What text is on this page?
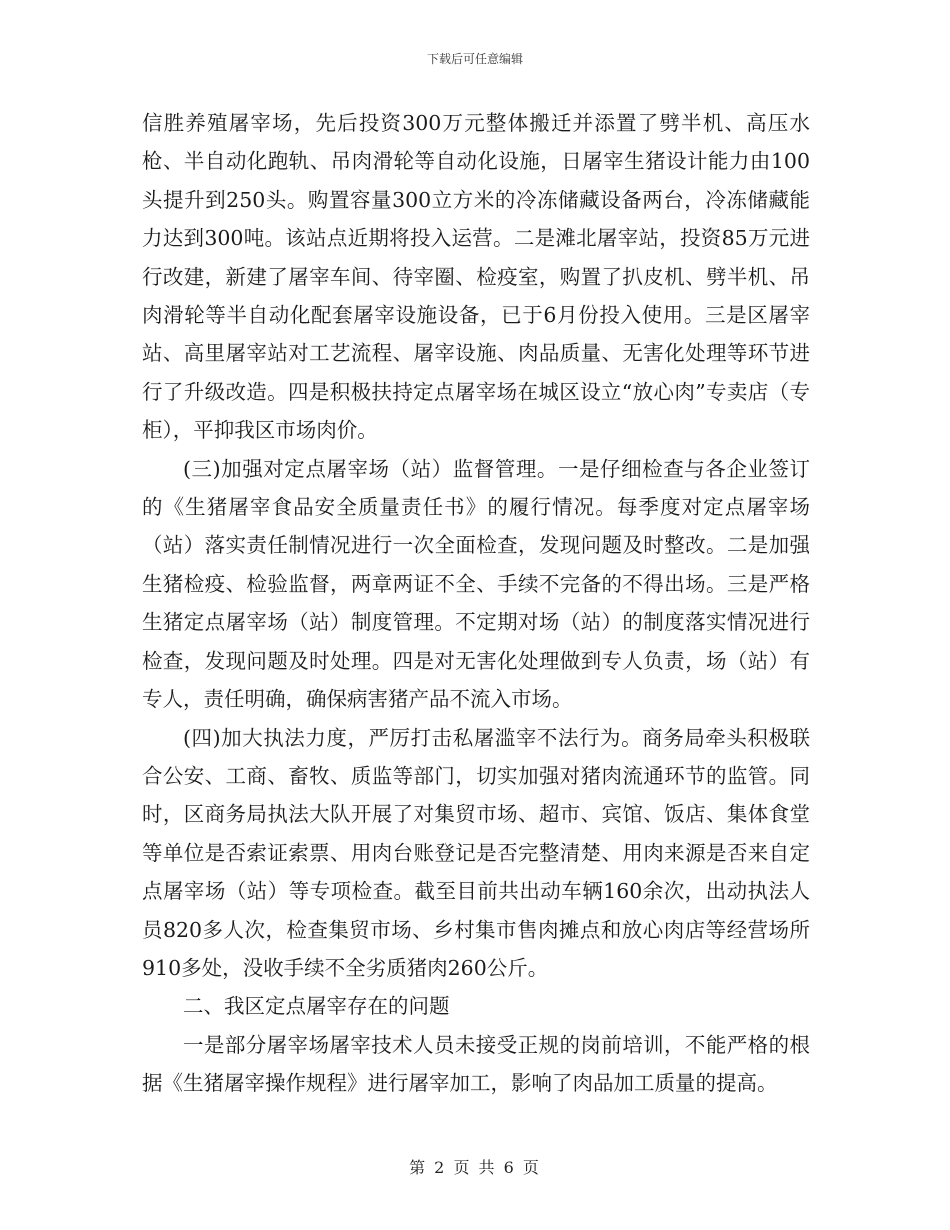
下载后可任意编辑

信胜养殖屠宰场，先后投资300万元整体搬迁并添置了劈半机、高压水枪、半自动化跑轨、吊肉滑轮等自动化设施，日屠宰生猪设计能力由100头提升到250头。购置容量300立方米的冷冻储藏设备两台，冷冻储藏能力达到300吨。该站点近期将投入运营。二是滩北屠宰站，投资85万元进行改建，新建了屠宰车间、待宰圈、检疫室，购置了扒皮机、劈半机、吊肉滑轮等半自动化配套屠宰设施设备，已于6月份投入使用。三是区屠宰站、高里屠宰站对工艺流程、屠宰设施、肉品质量、无害化处理等环节进行了升级改造。四是积极扶持定点屠宰场在城区设立“放心肉”专卖店（专柜），平抑我区市场肉价。

(三)加强对定点屠宰场（站）监督管理。一是仔细检查与各企业签订的《生猪屠宰食品安全质量责任书》的履行情况。每季度对定点屠宰场（站）落实责任制情况进行一次全面检查，发现问题及时整改。二是加强生猪检疫、检验监督，两章两证不全、手续不完备的不得出场。三是严格生猪定点屠宰场（站）制度管理。不定期对场（站）的制度落实情况进行检查，发现问题及时处理。四是对无害化处理做到专人负责，场（站）有专人，责任明确，确保病害猪产品不流入市场。

(四)加大执法力度，严厉打击私屠滥宰不法行为。商务局牵头积极联合公安、工商、畜牧、质监等部门，切实加强对猪肉流通环节的监管。同时，区商务局执法大队开展了对集贸市场、超市、宾馆、饭店、集体食堂等单位是否索证索票、用肉台账登记是否完整清楚、用肉来源是否来自定点屠宰场（站）等专项检查。截至目前共出动车辆160余次，出动执法人员820多人次，检查集贸市场、乡村集市售肉摊点和放心肉店等经营场所910多处，没收手续不全劣质猪肉260公斤。

二、我区定点屠宰存在的问题

一是部分屠宰场屠宰技术人员未接受正规的岗前培训，不能严格的根据《生猪屠宰操作规程》进行屠宰加工，影响了肉品加工质量的提高。

第 2 页 共 6 页
